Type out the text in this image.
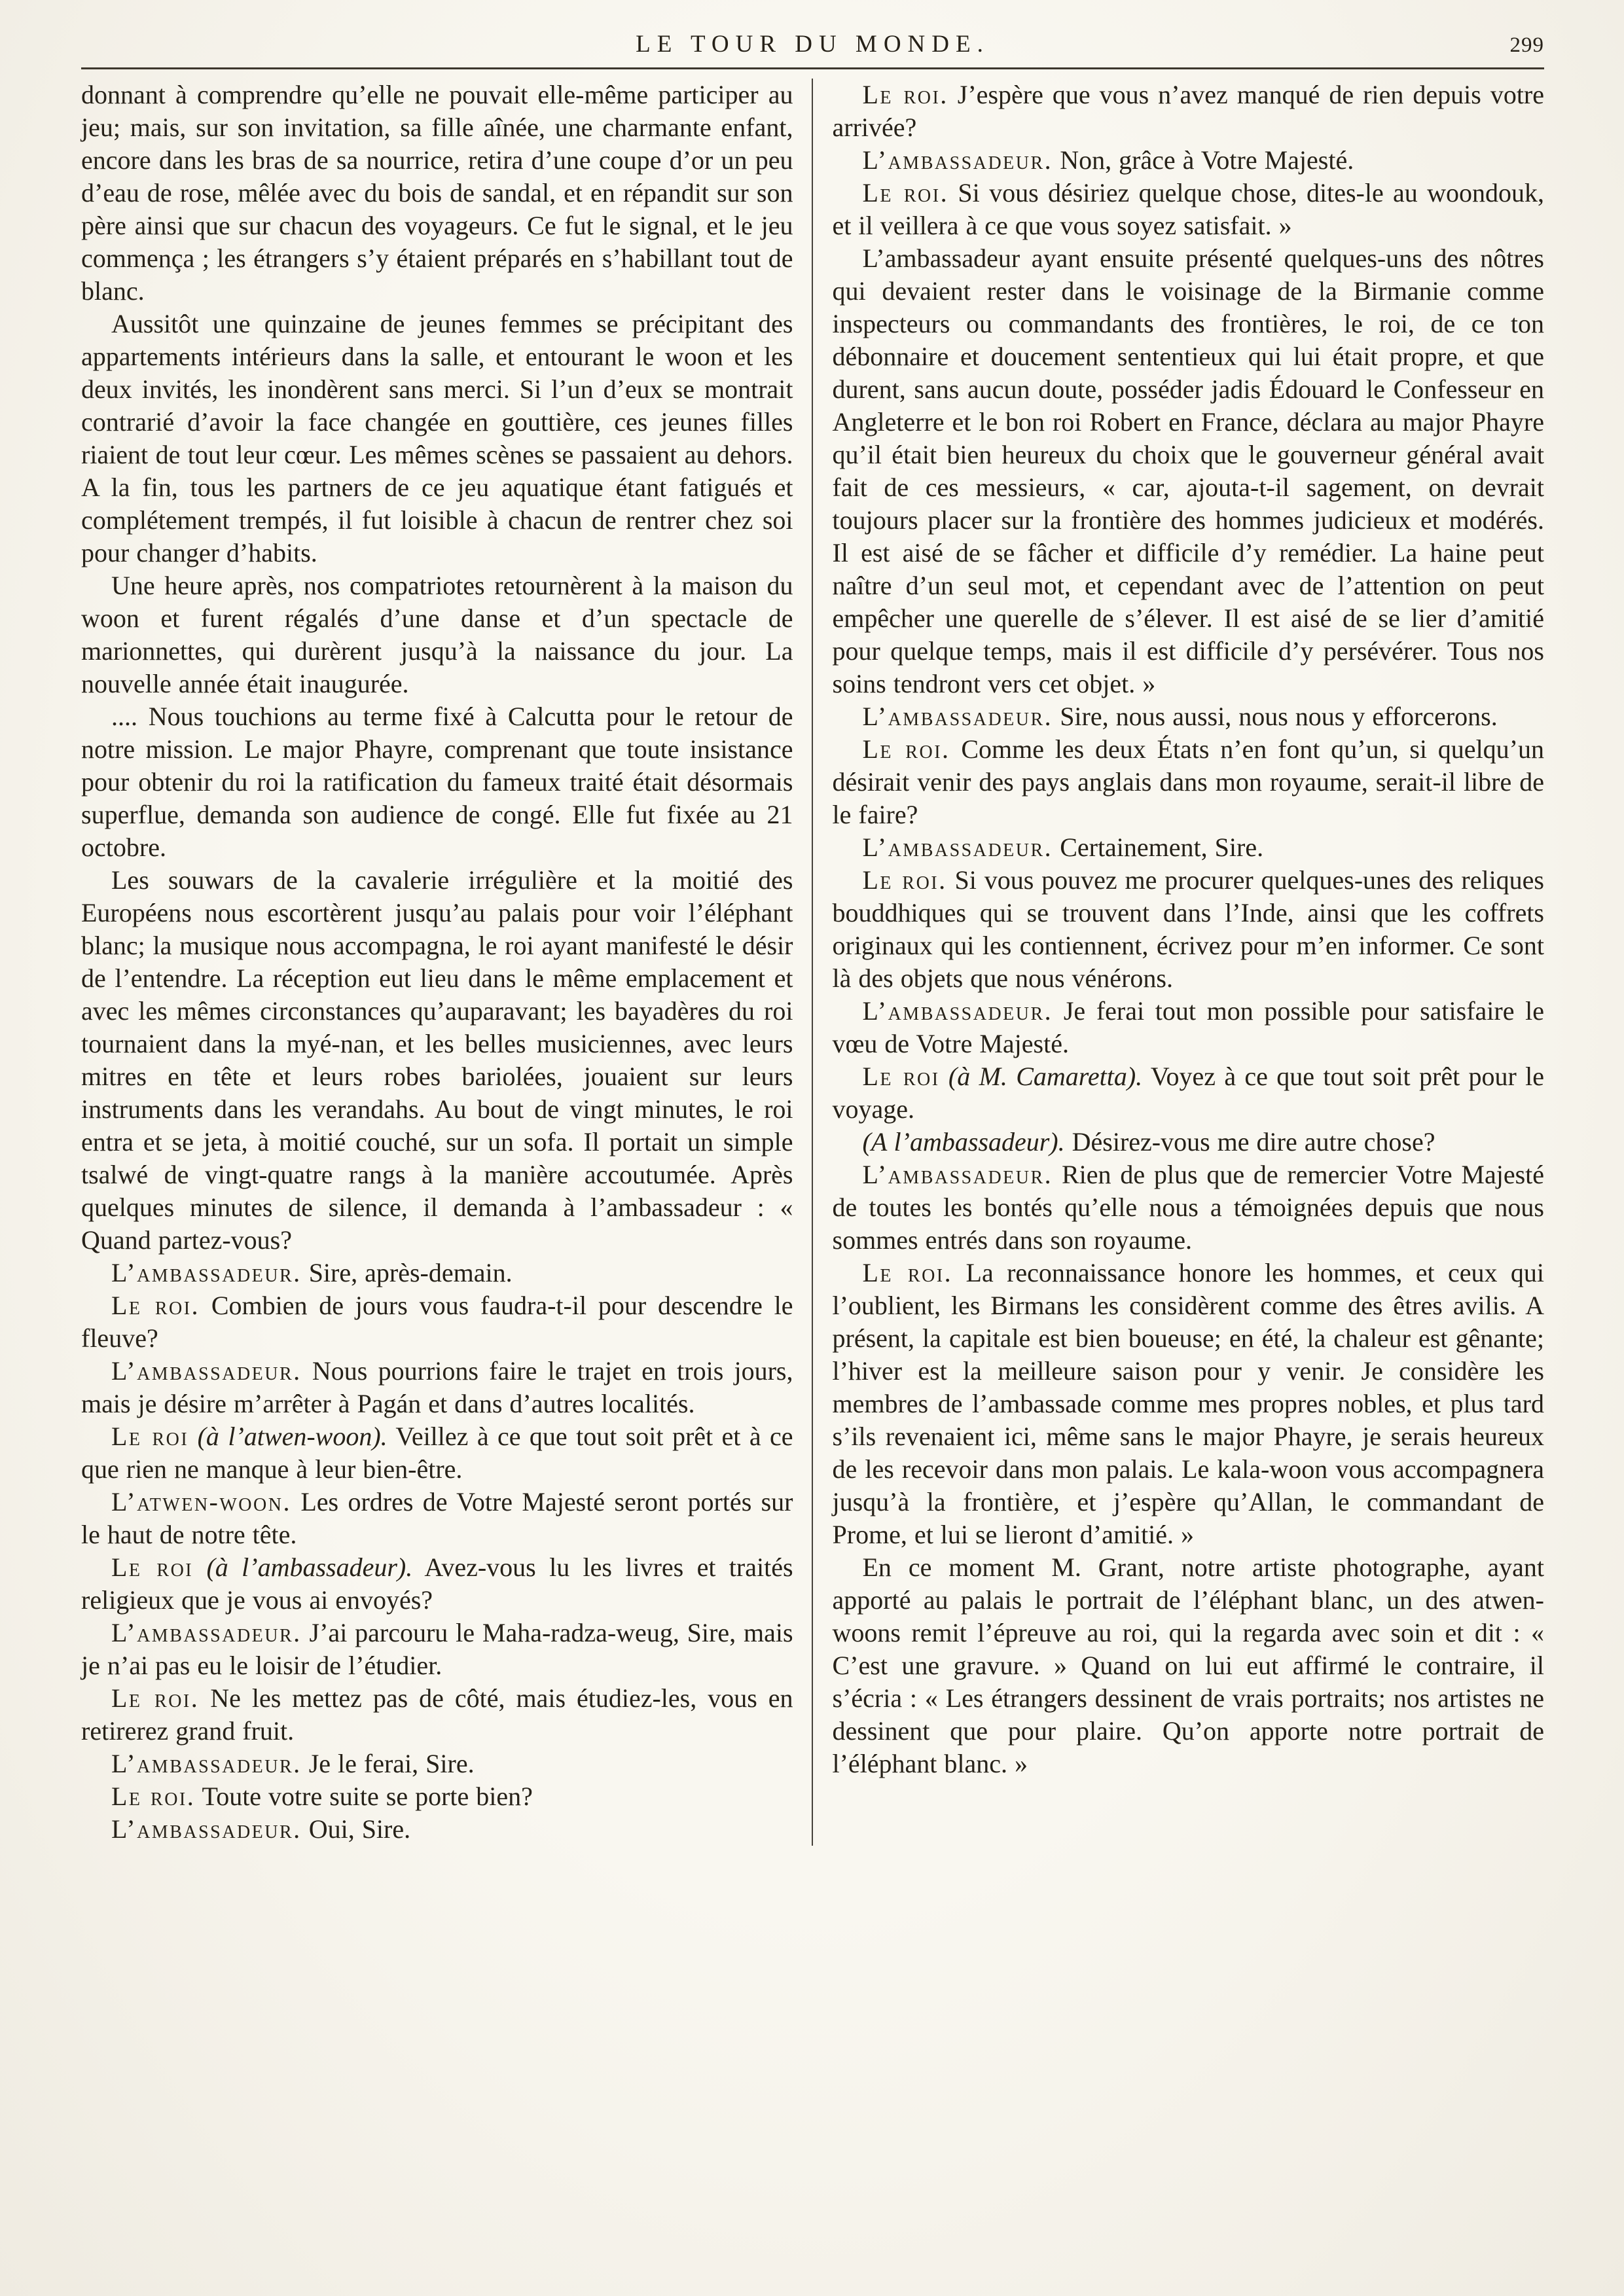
LE TOUR DU MONDE.	299

donnant à comprendre qu’elle ne pouvait elle-même participer au jeu; mais, sur son invitation, sa fille aînée, une charmante enfant, encore dans les bras de sa nourrice, retira d’une coupe d’or un peu d’eau de rose, mêlée avec du bois de sandal, et en répandit sur son père ainsi que sur chacun des voyageurs. Ce fut le signal, et le jeu commença ; les étrangers s’y étaient préparés en s’habillant tout de blanc.

Aussitôt une quinzaine de jeunes femmes se précipitant des appartements intérieurs dans la salle, et entourant le woon et les deux invités, les inondèrent sans merci. Si l’un d’eux se montrait contrarié d’avoir la face changée en gouttière, ces jeunes filles riaient de tout leur cœur. Les mêmes scènes se passaient au dehors. A la fin, tous les partners de ce jeu aquatique étant fatigués et complétement trempés, il fut loisible à chacun de rentrer chez soi pour changer d’habits.

Une heure après, nos compatriotes retournèrent à la maison du woon et furent régalés d’une danse et d’un spectacle de marionnettes, qui durèrent jusqu’à la naissance du jour. La nouvelle année était inaugurée.

.... Nous touchions au terme fixé à Calcutta pour le retour de notre mission. Le major Phayre, comprenant que toute insistance pour obtenir du roi la ratification du fameux traité était désormais superflue, demanda son audience de congé. Elle fut fixée au 21 octobre.

Les souwars de la cavalerie irrégulière et la moitié des Européens nous escortèrent jusqu’au palais pour voir l’éléphant blanc; la musique nous accompagna, le roi ayant manifesté le désir de l’entendre. La réception eut lieu dans le même emplacement et avec les mêmes circonstances qu’auparavant; les bayadères du roi tournaient dans la myé-nan, et les belles musiciennes, avec leurs mitres en tête et leurs robes bariolées, jouaient sur leurs instruments dans les verandahs. Au bout de vingt minutes, le roi entra et se jeta, à moitié couché, sur un sofa. Il portait un simple tsalwé de vingt-quatre rangs à la manière accoutumée. Après quelques minutes de silence, il demanda à l’ambassadeur : « Quand partez-vous?

L’ambassadeur. Sire, après-demain.

Le roi. Combien de jours vous faudra-t-il pour descendre le fleuve?

L’ambassadeur. Nous pourrions faire le trajet en trois jours, mais je désire m’arrêter à Pagán et dans d’autres localités.

Le roi (à l’atwen-woon). Veillez à ce que tout soit prêt et à ce que rien ne manque à leur bien-être.

L’atwen-woon. Les ordres de Votre Majesté seront portés sur le haut de notre tête.

Le roi (à l’ambassadeur). Avez-vous lu les livres et traités religieux que je vous ai envoyés?

L’ambassadeur. J’ai parcouru le Maha-radza-weug, Sire, mais je n’ai pas eu le loisir de l’étudier.

Le roi. Ne les mettez pas de côté, mais étudiez-les, vous en retirerez grand fruit.

L’ambassadeur. Je le ferai, Sire.

Le roi. Toute votre suite se porte bien?

L’ambassadeur. Oui, Sire.

Le roi. J’espère que vous n’avez manqué de rien depuis votre arrivée?

L’ambassadeur. Non, grâce à Votre Majesté.

Le roi. Si vous désiriez quelque chose, dites-le au woondouk, et il veillera à ce que vous soyez satisfait. »

L’ambassadeur ayant ensuite présenté quelques-uns des nôtres qui devaient rester dans le voisinage de la Birmanie comme inspecteurs ou commandants des frontières, le roi, de ce ton débonnaire et doucement sententieux qui lui était propre, et que durent, sans aucun doute, posséder jadis Édouard le Confesseur en Angleterre et le bon roi Robert en France, déclara au major Phayre qu’il était bien heureux du choix que le gouverneur général avait fait de ces messieurs, « car, ajouta-t-il sagement, on devrait toujours placer sur la frontière des hommes judicieux et modérés. Il est aisé de se fâcher et difficile d’y remédier. La haine peut naître d’un seul mot, et cependant avec de l’attention on peut empêcher une querelle de s’élever. Il est aisé de se lier d’amitié pour quelque temps, mais il est difficile d’y persévérer. Tous nos soins tendront vers cet objet. »

L’ambassadeur. Sire, nous aussi, nous nous y efforcerons.

Le roi. Comme les deux États n’en font qu’un, si quelqu’un désirait venir des pays anglais dans mon royaume, serait-il libre de le faire?

L’ambassadeur. Certainement, Sire.

Le roi. Si vous pouvez me procurer quelques-unes des reliques bouddhiques qui se trouvent dans l’Inde, ainsi que les coffrets originaux qui les contiennent, écrivez pour m’en informer. Ce sont là des objets que nous vénérons.

L’ambassadeur. Je ferai tout mon possible pour satisfaire le vœu de Votre Majesté.

Le roi (à M. Camaretta). Voyez à ce que tout soit prêt pour le voyage.

(A l’ambassadeur). Désirez-vous me dire autre chose?

L’ambassadeur. Rien de plus que de remercier Votre Majesté de toutes les bontés qu’elle nous a témoignées depuis que nous sommes entrés dans son royaume.

Le roi. La reconnaissance honore les hommes, et ceux qui l’oublient, les Birmans les considèrent comme des êtres avilis. A présent, la capitale est bien boueuse; en été, la chaleur est gênante; l’hiver est la meilleure saison pour y venir. Je considère les membres de l’ambassade comme mes propres nobles, et plus tard s’ils revenaient ici, même sans le major Phayre, je serais heureux de les recevoir dans mon palais. Le kala-woon vous accompagnera jusqu’à la frontière, et j’espère qu’Allan, le commandant de Prome, et lui se lieront d’amitié. »

En ce moment M. Grant, notre artiste photographe, ayant apporté au palais le portrait de l’éléphant blanc, un des atwen-woons remit l’épreuve au roi, qui la regarda avec soin et dit : « C’est une gravure. » Quand on lui eut affirmé le contraire, il s’écria : « Les étrangers dessinent de vrais portraits; nos artistes ne dessinent que pour plaire. Qu’on apporte notre portrait de l’éléphant blanc. »
